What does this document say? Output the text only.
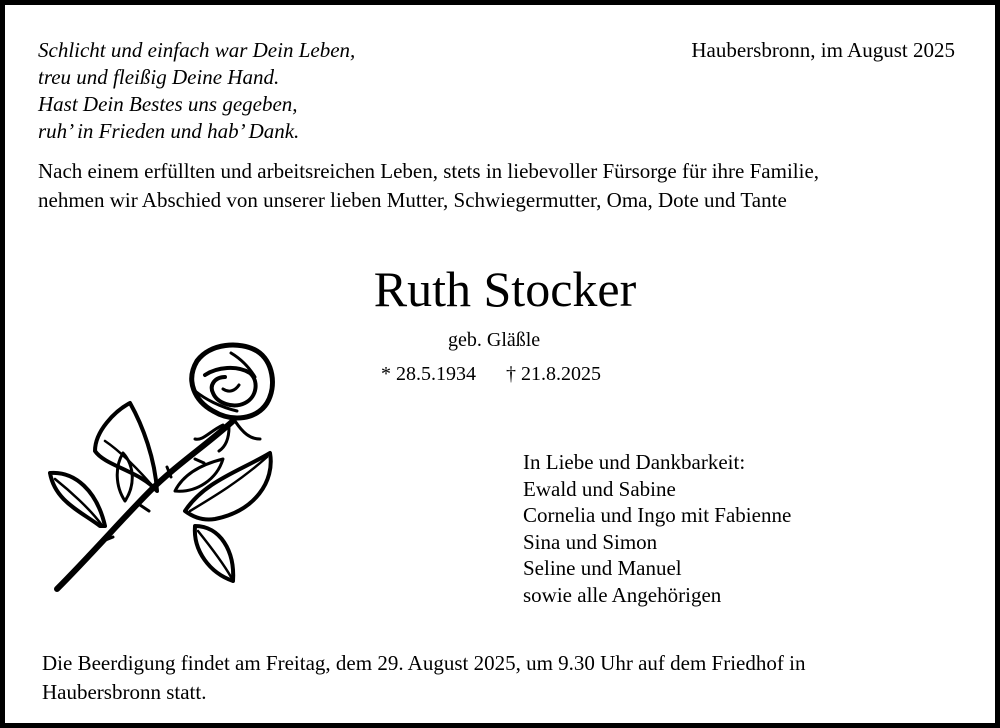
Schlicht und einfach war Dein Leben,
treu und fleißig Deine Hand.
Hast Dein Bestes uns gegeben,
ruh’ in Frieden und hab’ Dank.
Haubersbronn, im August 2025
Nach einem erfüllten und arbeitsreichen Leben, stets in liebevoller Fürsorge für ihre Familie,
nehmen wir Abschied von unserer lieben Mutter, Schwiegermutter, Oma, Dote und Tante
Ruth Stocker
geb. Gläßle
* 28.5.1934 † 21.8.2025
In Liebe und Dankbarkeit:
Ewald und Sabine
Cornelia und Ingo mit Fabienne
Sina und Simon
Seline und Manuel
sowie alle Angehörigen
Die Beerdigung findet am Freitag, dem 29. August 2025, um 9.30 Uhr auf dem Friedhof in
Haubersbronn statt.
